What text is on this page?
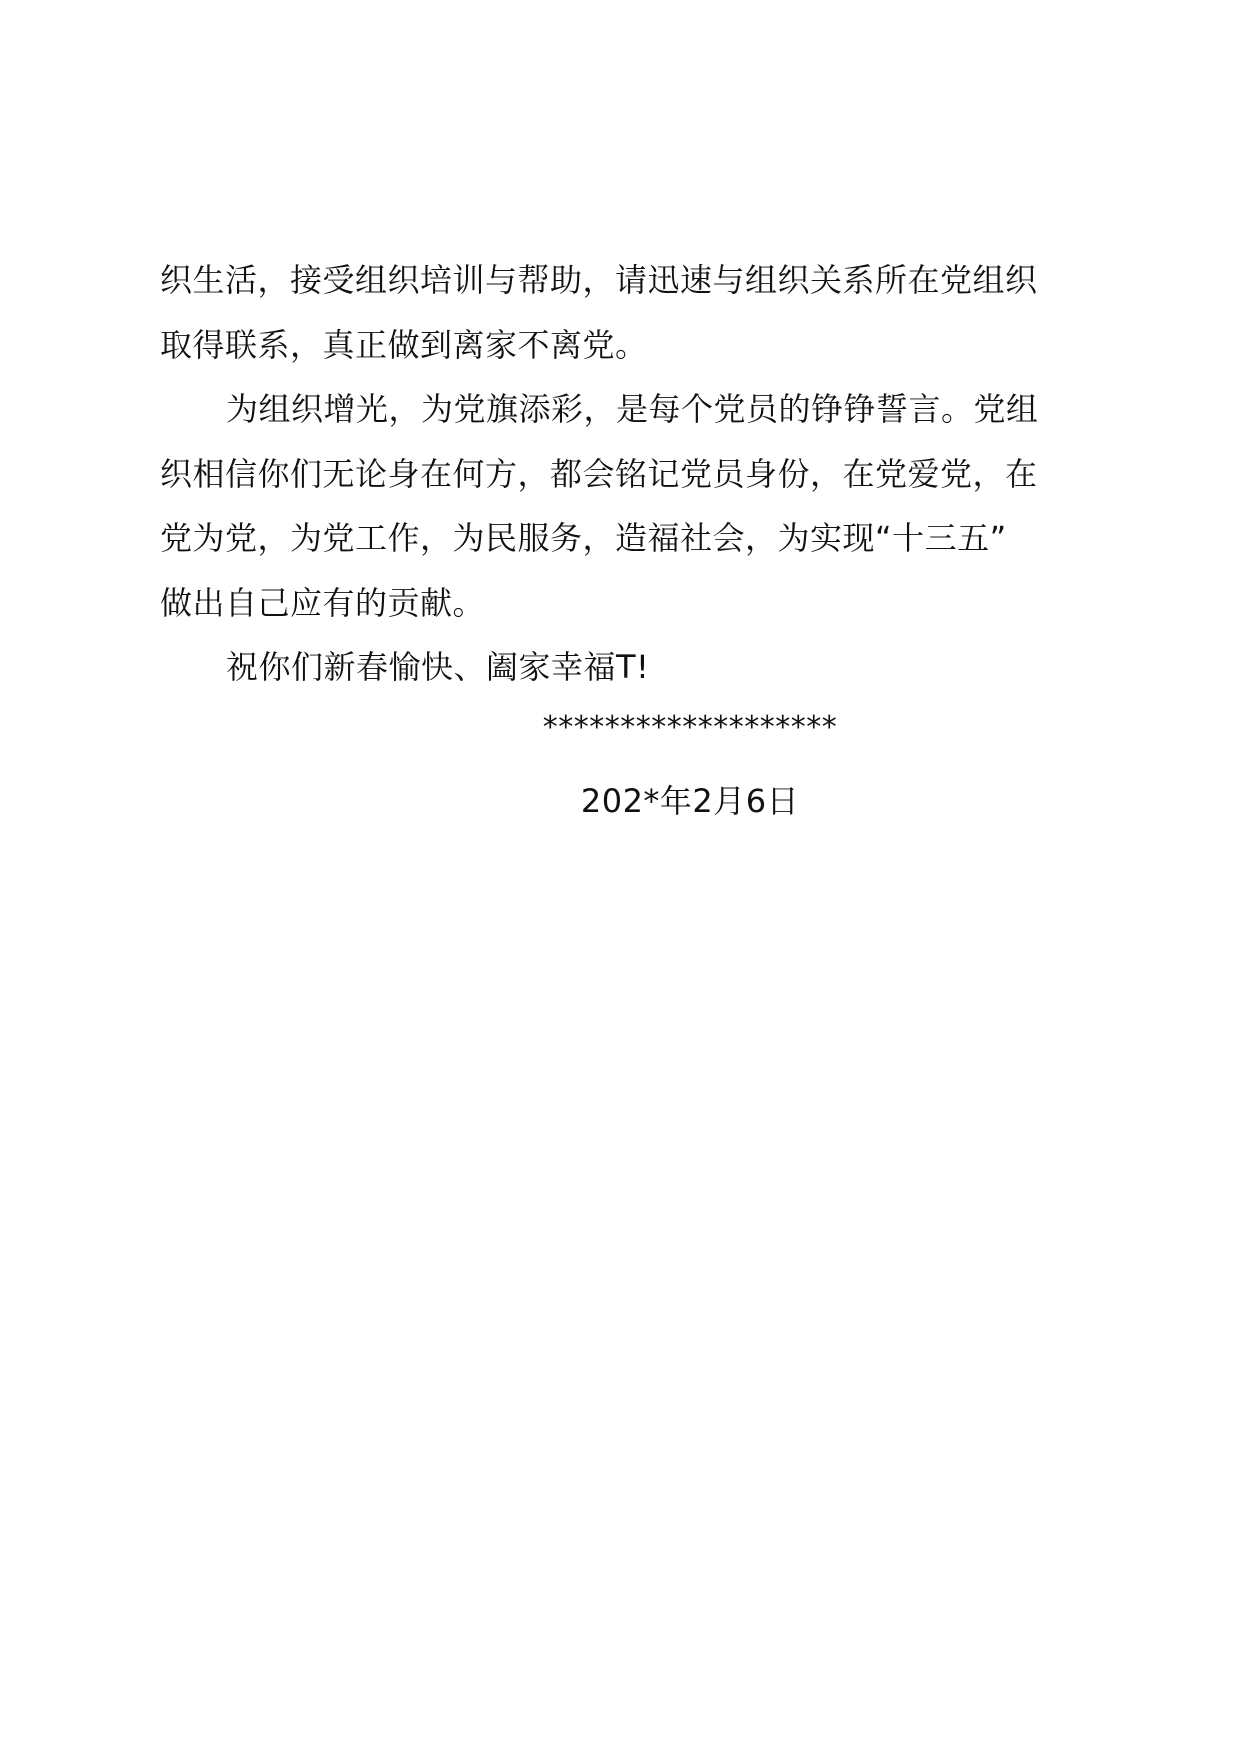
织生活，接受组织培训与帮助，请迅速与组织关系所在党组织
取得联系，真正做到离家不离党。
为组织增光，为党旗添彩，是每个党员的铮铮誓言。党组
织相信你们无论身在何方，都会铭记党员身份，在党爱党，在
党为党，为党工作，为民服务，造福社会，为实现“十三五”
做出自己应有的贡献。
祝你们新春愉快、阖家幸福T!
*******************
202*年2月6日
